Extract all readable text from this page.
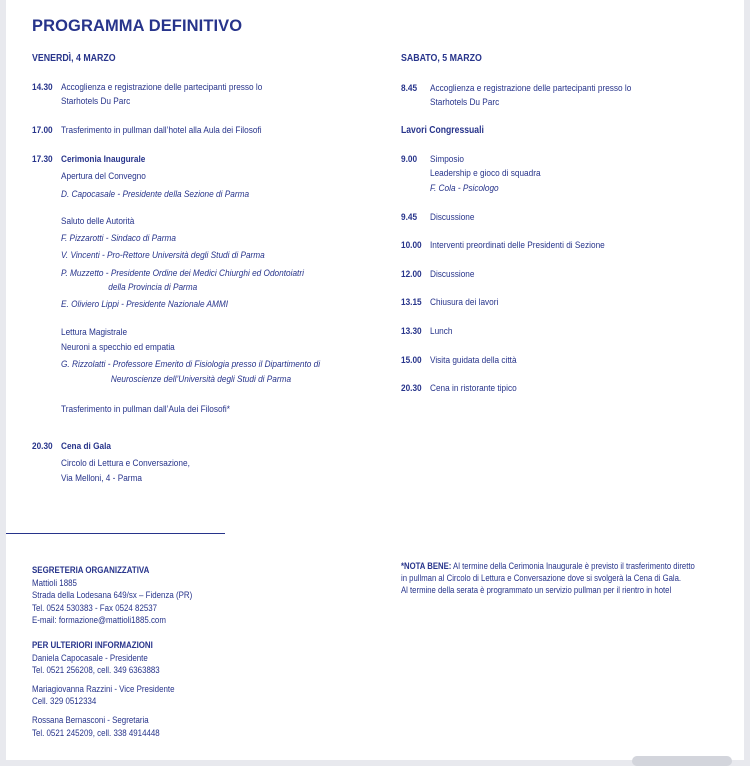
PROGRAMMA DEFINITIVO
VENERDÌ, 4 MARZO
14.30 Accoglienza e registrazione delle partecipanti presso lo
Starhotels Du Parc
17.00 Trasferimento in pullman dall’hotel alla Aula dei Filosofi
17.30 Cerimonia Inaugurale
Apertura del Convegno
D. Capocasale - Presidente della Sezione di Parma
Saluto delle Autorità
F. Pizzarotti - Sindaco di Parma
V. Vincenti - Pro-Rettore Università degli Studi di Parma
P. Muzzetto - Presidente Ordine dei Medici Chiurghi ed Odontoiatri
della Provincia di Parma
E. Oliviero Lippi - Presidente Nazionale AMMI
Lettura Magistrale
Neuroni a specchio ed empatia
G. Rizzolatti - Professore Emerito di Fisiologia presso il Dipartimento di
Neuroscienze dell’Università degli Studi di Parma
Trasferimento in pullman dall’Aula dei Filosofi*
20.30 Cena di Gala
Circolo di Lettura e Conversazione,
Via Melloni, 4 - Parma
SABATO, 5 MARZO
8.45 Accoglienza e registrazione delle partecipanti presso lo
Starhotels Du Parc
Lavori Congressuali
9.00 Simposio
Leadership e gioco di squadra
F. Cola - Psicologo
9.45 Discussione
10.00 Interventi preordinati delle Presidenti di Sezione
12.00 Discussione
13.15 Chiusura dei lavori
13.30 Lunch
15.00 Visita guidata della città
20.30 Cena in ristorante tipico
SEGRETERIA ORGANIZZATIVA
Mattioli 1885
Strada della Lodesana 649/sx – Fidenza (PR)
Tel. 0524 530383 - Fax 0524 82537
E-mail: formazione@mattioli1885.com
PER ULTERIORI INFORMAZIONI
Daniela Capocasale - Presidente
Tel. 0521 256208, cell. 349 6363883
Mariagiovanna Razzini - Vice Presidente
Cell. 329 0512334
Rossana Bernasconi - Segretaria
Tel. 0521 245209, cell. 338 4914448
*NOTA BENE: Al termine della Cerimonia Inaugurale è previsto il trasferimento diretto
in pullman al Circolo di Lettura e Conversazione dove si svolgerà la Cena di Gala.
Al termine della serata è programmato un servizio pullman per il rientro in hotel
